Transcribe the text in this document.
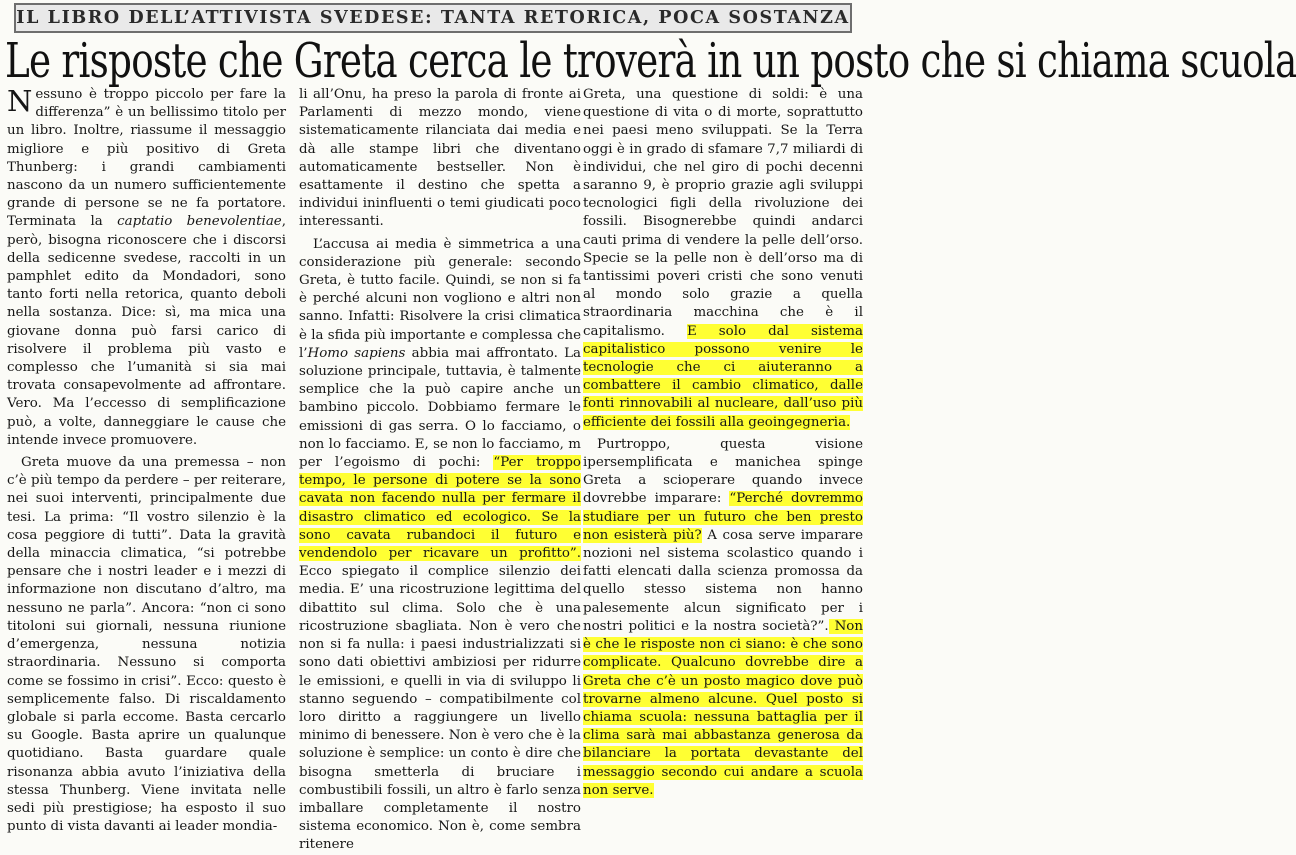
IL LIBRO DELL’ATTIVISTA SVEDESE: TANTA RETORICA, POCA SOSTANZA
Le risposte che Greta cerca le troverà in un posto che si chiama scuola

Nessuno è troppo piccolo per fare la differenza” è un bellissimo titolo per un libro. Inoltre, riassume il messaggio migliore e più positivo di Greta Thunberg: i grandi cambiamenti nascono da un numero sufficientemente grande di persone se ne fa portatore. Terminata la captatio benevolentiae, però, bisogna riconoscere che i discorsi della sedicenne svedese, raccolti in un pamphlet edito da Mondadori, sono tanto forti nella retorica, quanto deboli nella sostanza. Dice: sì, ma mica una giovane donna può farsi carico di risolvere il problema più vasto e complesso che l’umanità si sia mai trovata consapevolmente ad affrontare. Vero. Ma l’eccesso di semplificazione può, a volte, danneggiare le cause che intende invece promuovere.

Greta muove da una premessa – non c’è più tempo da perdere – per reiterare, nei suoi interventi, principalmente due tesi. La prima: “Il vostro silenzio è la cosa peggiore di tutti”. Data la gravità della minaccia climatica, “si potrebbe pensare che i nostri leader e i mezzi di informazione non discutano d’altro, ma nessuno ne parla”. Ancora: “non ci sono titoloni sui giornali, nessuna riunione d’emergenza, nessuna notizia straordinaria. Nessuno si comporta come se fossimo in crisi”. Ecco: questo è semplicemente falso. Di riscaldamento globale si parla eccome. Basta cercarlo su Google. Basta aprire un qualunque quotidiano. Basta guardare quale risonanza abbia avuto l’iniziativa della stessa Thunberg. Viene invitata nelle sedi più prestigiose; ha esposto il suo punto di vista davanti ai leader mondia-

li all’Onu, ha preso la parola di fronte ai Parlamenti di mezzo mondo, viene sistematicamente rilanciata dai media e dà alle stampe libri che diventano automaticamente bestseller. Non è esattamente il destino che spetta a individui ininfluenti o temi giudicati poco interessanti.

L’accusa ai media è simmetrica a una considerazione più generale: secondo Greta, è tutto facile. Quindi, se non si fa è perché alcuni non vogliono e altri non sanno. Infatti: Risolvere la crisi climatica è la sfida più importante e complessa che l’Homo sapiens abbia mai affrontato. La soluzione principale, tuttavia, è talmente semplice che la può capire anche un bambino piccolo. Dobbiamo fermare le emissioni di gas serra. O lo facciamo, o non lo facciamo. E, se non lo facciamo, m per l’egoismo di pochi: “Per troppo tempo, le persone di potere se la sono cavata non facendo nulla per fermare il disastro climatico ed ecologico. Se la sono cavata rubandoci il futuro e vendendolo per ricavare un profitto”. Ecco spiegato il complice silenzio dei media. E’ una ricostruzione legittima del dibattito sul clima. Solo che è una ricostruzione sbagliata. Non è vero che non si fa nulla: i paesi industrializzati si sono dati obiettivi ambiziosi per ridurre le emissioni, e quelli in via di sviluppo li stanno seguendo – compatibilmente col loro diritto a raggiungere un livello minimo di benessere. Non è vero che è la soluzione è semplice: un conto è dire che bisogna smetterla di bruciare i combustibili fossili, un altro è farlo senza imballare completamente il nostro sistema economico. Non è, come sembra ritenere

Greta, una questione di soldi: è una questione di vita o di morte, soprattutto nei paesi meno sviluppati. Se la Terra oggi è in grado di sfamare 7,7 miliardi di individui, che nel giro di pochi decenni saranno 9, è proprio grazie agli sviluppi tecnologici figli della rivoluzione dei fossili. Bisognerebbe quindi andarci cauti prima di vendere la pelle dell’orso. Specie se la pelle non è dell’orso ma di tantissimi poveri cristi che sono venuti al mondo solo grazie a quella straordinaria macchina che è il capitalismo. E solo dal sistema capitalistico possono venire le tecnologie che ci aiuteranno a combattere il cambio climatico, dalle fonti rinnovabili al nucleare, dall’uso più efficiente dei fossili alla geoingegneria.

Purtroppo, questa visione ipersemplificata e manichea spinge Greta a scioperare quando invece dovrebbe imparare: “Perché dovremmo studiare per un futuro che ben presto non esisterà più? A cosa serve imparare nozioni nel sistema scolastico quando i fatti elencati dalla scienza promossa da quello stesso sistema non hanno palesemente alcun significato per i nostri politici e la nostra società?”. Non è che le risposte non ci siano: è che sono complicate. Qualcuno dovrebbe dire a Greta che c’è un posto magico dove può trovarne almeno alcune. Quel posto si chiama scuola: nessuna battaglia per il clima sarà mai abbastanza generosa da bilanciare la portata devastante del messaggio secondo cui andare a scuola non serve.
